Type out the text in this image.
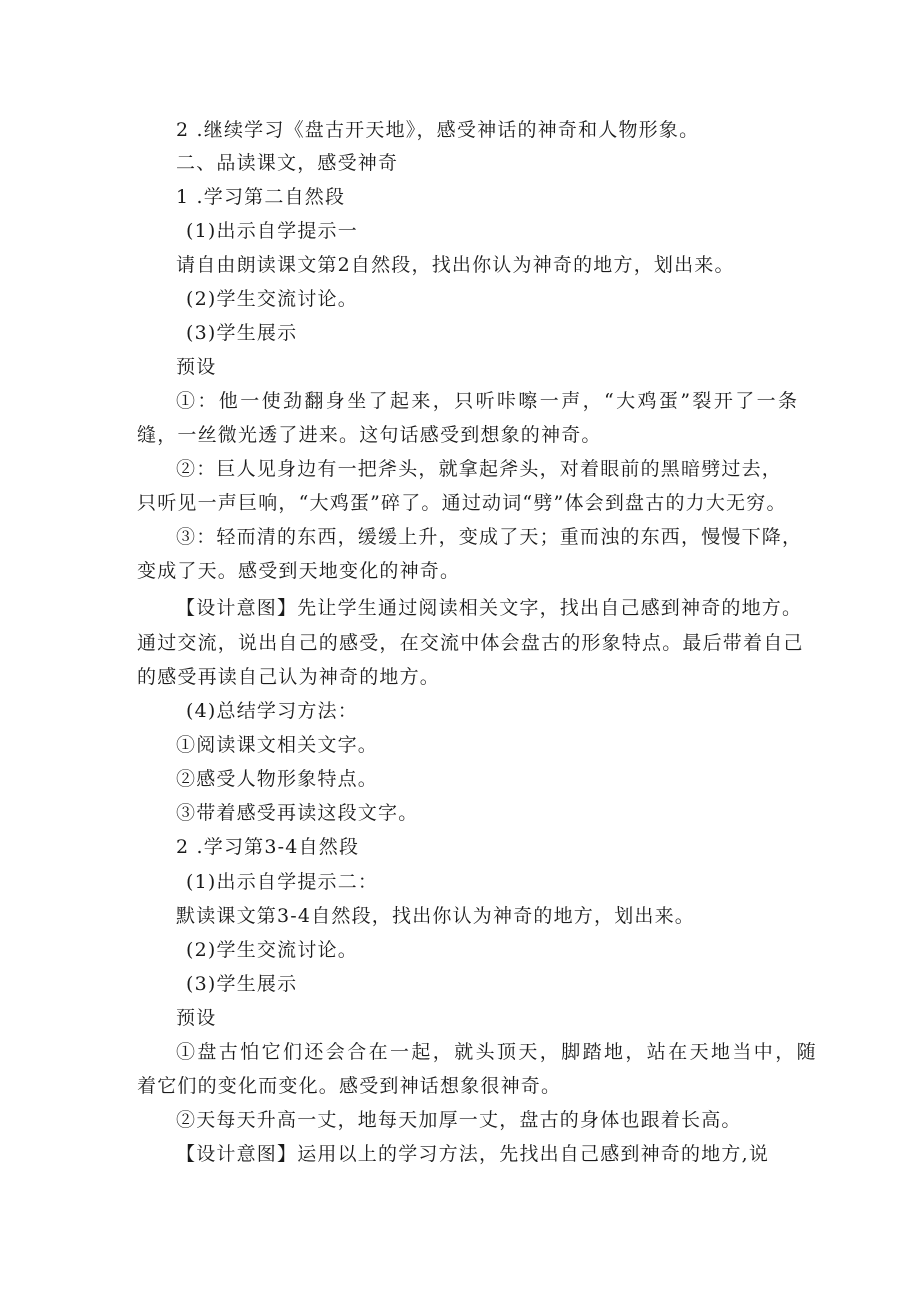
2 .继续学习《盘古开天地》，感受神话的神奇和人物形象。
二、品读课文，感受神奇
1 .学习第二自然段
(1)出示自学提示一
请自由朗读课文第2自然段，找出你认为神奇的地方，划出来。
(2)学生交流讨论。
(3)学生展示
预设
①：他一使劲翻身坐了起来，只听咔嚓一声，“大鸡蛋”裂开了一条
缝，一丝微光透了进来。这句话感受到想象的神奇。
②：巨人见身边有一把斧头，就拿起斧头，对着眼前的黑暗劈过去，
只听见一声巨响，“大鸡蛋”碎了。通过动词“劈”体会到盘古的力大无穷。
③：轻而清的东西，缓缓上升，变成了天；重而浊的东西，慢慢下降，
变成了天。感受到天地变化的神奇。
【设计意图】先让学生通过阅读相关文字，找出自己感到神奇的地方。
通过交流，说出自己的感受，在交流中体会盘古的形象特点。最后带着自己
的感受再读自己认为神奇的地方。
(4)总结学习方法：
①阅读课文相关文字。
②感受人物形象特点。
③带着感受再读这段文字。
2 .学习第3-4自然段
(1)出示自学提示二：
默读课文第3-4自然段，找出你认为神奇的地方，划出来。
(2)学生交流讨论。
(3)学生展示
预设
①盘古怕它们还会合在一起，就头顶天，脚踏地，站在天地当中，随
着它们的变化而变化。感受到神话想象很神奇。
②天每天升高一丈，地每天加厚一丈，盘古的身体也跟着长高。
【设计意图】运用以上的学习方法，先找出自己感到神奇的地方,说
